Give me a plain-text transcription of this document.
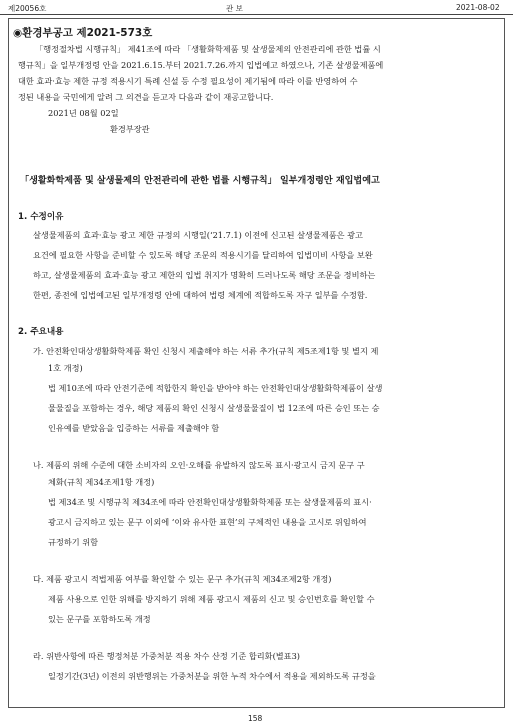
제20056호	관 보	2021-08-02
◉환경부공고 제2021-573호
「행정절차법 시행규칙」 제41조에 따라 「생활화학제품 및 살생물제의 안전관리에 관한 법률 시
행규칙」을 일부개정령 안을 2021.6.15.부터 2021.7.26.까지 입법예고 하였으나, 기존 살생물제품에
대한 효과·효능 제한 규정 적용시기 특례 신설 등 수정 필요성이 제기됨에 따라 이를 반영하여 수
정된 내용을 국민에게 알려 그 의견을 듣고자 다음과 같이 재공고합니다.
2021년 08월 02일
환경부장관
「생활화학제품 및 살생물제의 안전관리에 관한 법률 시행규칙」 일부개정령안 재입법예고
1. 수정이유
살생물제품의 효과·효능 광고 제한 규정의 시행일(‘21.7.1) 이전에 신고된 살생물제품은 광고
요건에 필요한 사항을 준비할 수 있도록 해당 조문의 적용시기를 달리하여 입법미비 사항을 보완
하고, 살생물제품의 효과·효능 광고 제한의 입법 취지가 명확히 드러나도록 해당 조문을 정비하는
한편, 종전에 입법예고된 일부개정령 안에 대하여 법령 체계에 적합하도록 자구 일부를 수정함.
2. 주요내용
가. 안전확인대상생활화학제품 확인 신청시 제출해야 하는 서류 추가(규칙 제5조제1항 및 별지 제
1호 개정)
법 제10조에 따라 안전기준에 적합한지 확인을 받아야 하는 안전확인대상생활화학제품이 살생
물물질을 포함하는 경우, 해당 제품의 확인 신청시 살생물물질이 법 12조에 따른 승인 또는 승
인유예를 받았음을 입증하는 서류를 제출해야 함
나. 제품의 위해 수준에 대한 소비자의 오인·오해를 유발하지 않도록 표시·광고시 금지 문구 구
체화(규칙 제34조제1항 개정)
법 제34조 및 시행규칙 제34조에 따라 안전확인대상생활화학제품 또는 살생물제품의 표시·
광고시 금지하고 있는 문구 이외에 ‘이와 유사한 표현’의 구체적인 내용을 고시로 위임하여
규정하기 위함
다. 제품 광고시 적법제품 여부를 확인할 수 있는 문구 추가(규칙 제34조제2항 개정)
제품 사용으로 인한 위해를 방지하기 위해 제품 광고시 제품의 신고 및 승인번호를 확인할 수
있는 문구를 포함하도록 개정
라. 위반사항에 따른 행정처분 가중처분 적용 차수 산정 기준 합리화(별표3)
일정기간(3년) 이전의 위반행위는 가중처분을 위한 누적 차수에서 적용을 제외하도록 규정을
158
